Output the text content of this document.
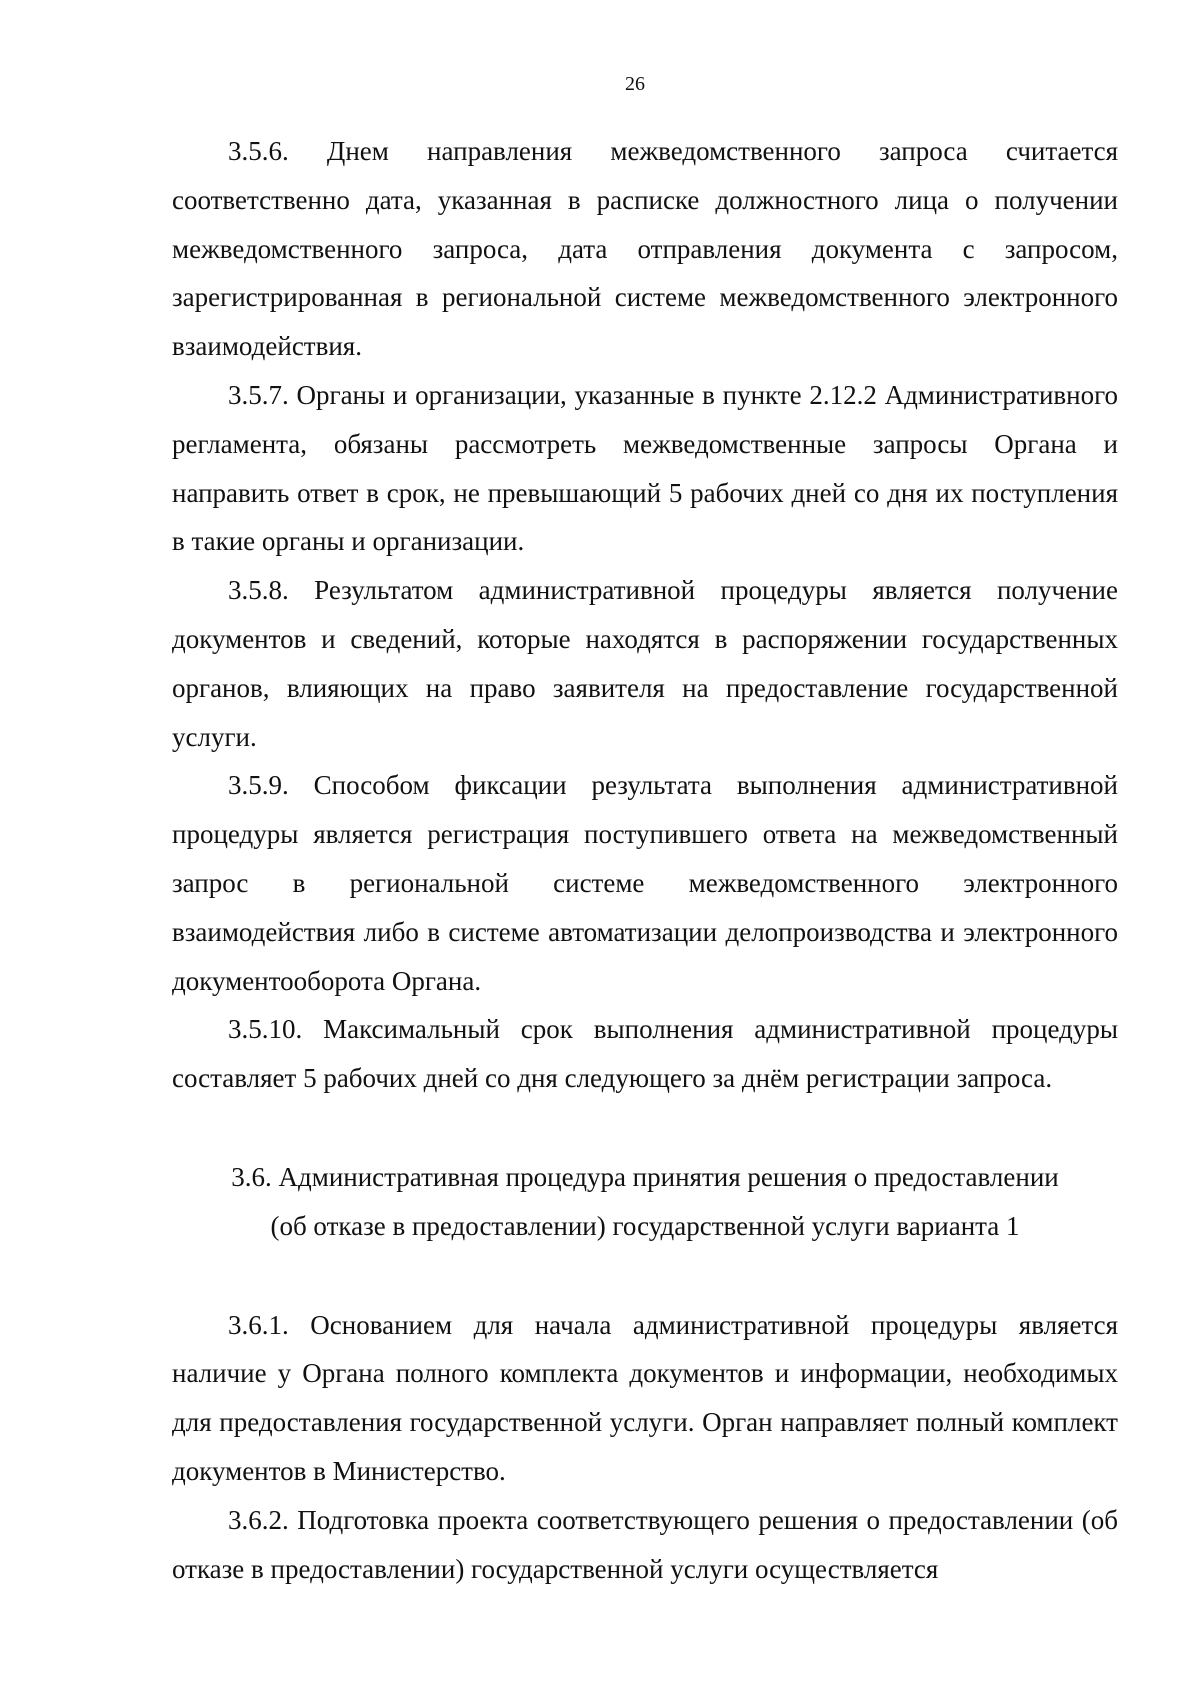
26

3.5.6. Днем направления межведомственного запроса считается соответственно дата, указанная в расписке должностного лица о получении межведомственного запроса, дата отправления документа с запросом, зарегистрированная в региональной системе межведомственного электронного взаимодействия.

3.5.7. Органы и организации, указанные в пункте 2.12.2 Административного регламента, обязаны рассмотреть межведомственные запросы Органа и направить ответ в срок, не превышающий 5 рабочих дней со дня их поступления в такие органы и организации.

3.5.8. Результатом административной процедуры является получение документов и сведений, которые находятся в распоряжении государственных органов, влияющих на право заявителя на предоставление государственной услуги.

3.5.9. Способом фиксации результата выполнения административной процедуры является регистрация поступившего ответа на межведомственный запрос в региональной системе межведомственного электронного взаимодействия либо в системе автоматизации делопроизводства и электронного документооборота Органа.

3.5.10. Максимальный срок выполнения административной процедуры составляет 5 рабочих дней со дня следующего за днём регистрации запроса.

3.6. Административная процедура принятия решения о предоставлении

(об отказе в предоставлении) государственной услуги варианта 1

3.6.1. Основанием для начала административной процедуры является наличие у Органа полного комплекта документов и информации, необходимых для предоставления государственной услуги. Орган направляет полный комплект документов в Министерство.

3.6.2. Подготовка проекта соответствующего решения о предоставлении (об отказе в предоставлении) государственной услуги осуществляется
